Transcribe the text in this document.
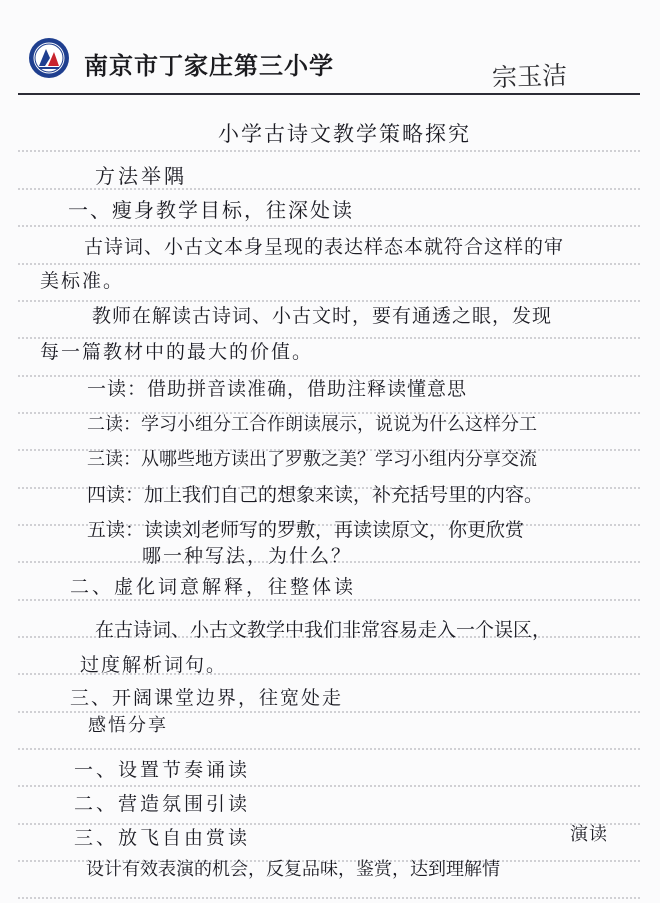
南京市丁家庄第三小学	宗玉洁
小学古诗文教学策略探究
方法举隅
一、瘦身教学目标，往深处读
古诗词、小古文本身呈现的表达样态本就符合这样的审
美标准。
教师在解读古诗词、小古文时，要有通透之眼，发现
每一篇教材中的最大的价值。
一读：借助拼音读准确，借助注释读懂意思
二读：学习小组分工合作朗读展示，说说为什么这样分工
三读：从哪些地方读出了罗敷之美？学习小组内分享交流
四读：加上我们自己的想象来读，补充括号里的内容。
五读：读读刘老师写的罗敷，再读读原文，你更欣赏
哪一种写法，为什么？
二、虚化词意解释，往整体读
在古诗词、小古文教学中我们非常容易走入一个误区，
过度解析词句。
三、开阔课堂边界，往宽处走
感悟分享
一、设置节奏诵读
二、营造氛围引读
三、放飞自由赏读	演读
设计有效表演的机会，反复品味，鉴赏，达到理解情
